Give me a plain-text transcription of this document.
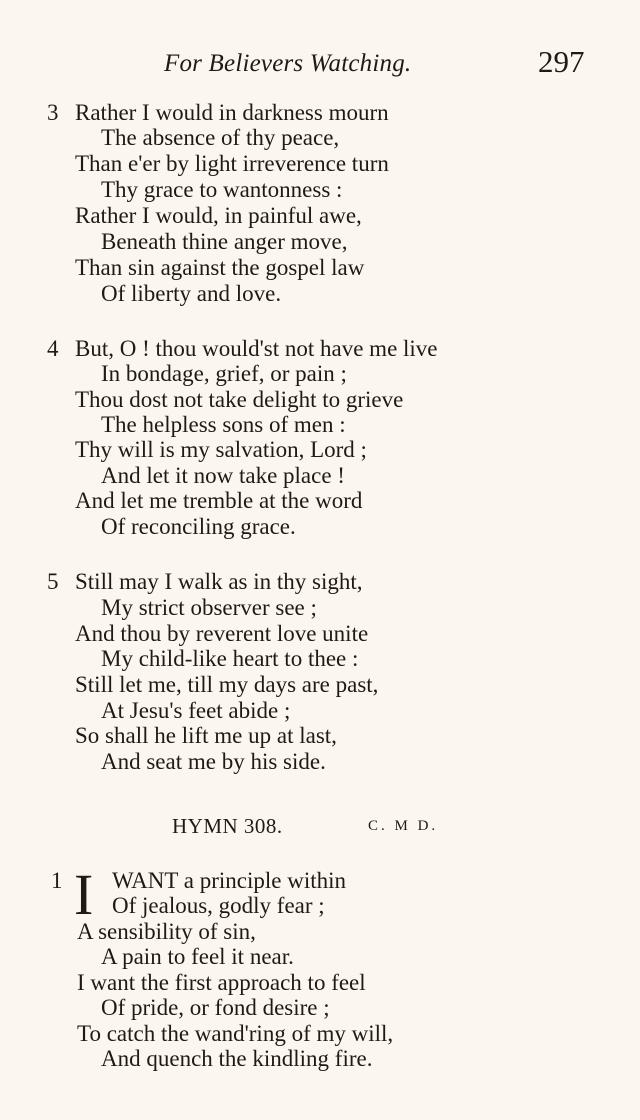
For Believers Watching.	297
3 Rather I would in darkness mourn
The absence of thy peace,
Than e'er by light irreverence turn
Thy grace to wantonness :
Rather I would, in painful awe,
Beneath thine anger move,
Than sin against the gospel law
Of liberty and love.
4 But, O ! thou would'st not have me live
In bondage, grief, or pain ;
Thou dost not take delight to grieve
The helpless sons of men :
Thy will is my salvation, Lord ;
And let it now take place !
And let me tremble at the word
Of reconciling grace.
5 Still may I walk as in thy sight,
My strict observer see ;
And thou by reverent love unite
My child-like heart to thee :
Still let me, till my days are past,
At Jesu's feet abide ;
So shall he lift me up at last,
And seat me by his side.
HYMN 308.	C. M D.
1 I WANT a principle within
Of jealous, godly fear ;
A sensibility of sin,
A pain to feel it near.
I want the first approach to feel
Of pride, or fond desire ;
To catch the wand'ring of my will,
And quench the kindling fire.
